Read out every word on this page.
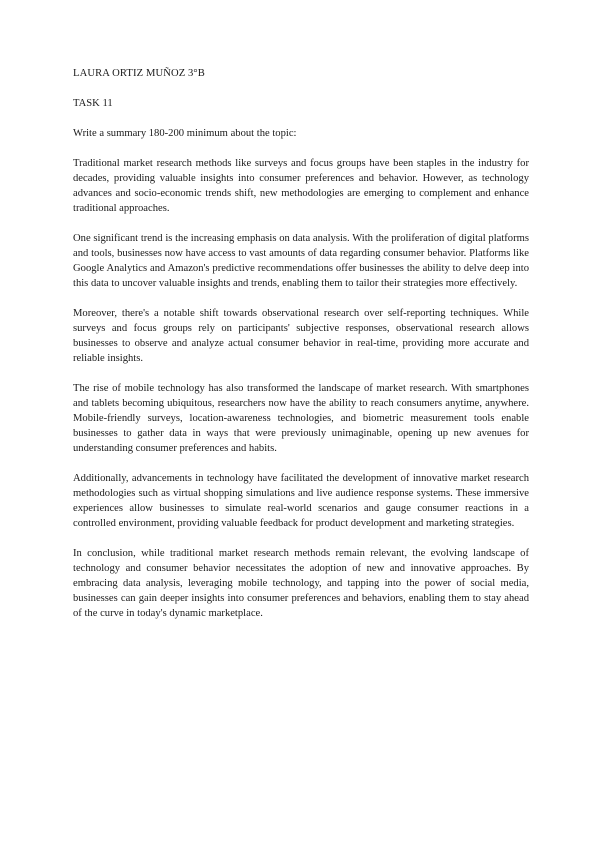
LAURA ORTIZ MUÑOZ 3°B
TASK 11
Write a summary 180-200 minimum about the topic:

Traditional market research methods like surveys and focus groups have been staples in the industry for decades, providing valuable insights into consumer preferences and behavior. However, as technology advances and socio-economic trends shift, new methodologies are emerging to complement and enhance traditional approaches.

One significant trend is the increasing emphasis on data analysis. With the proliferation of digital platforms and tools, businesses now have access to vast amounts of data regarding consumer behavior. Platforms like Google Analytics and Amazon's predictive recommendations offer businesses the ability to delve deep into this data to uncover valuable insights and trends, enabling them to tailor their strategies more effectively.

Moreover, there's a notable shift towards observational research over self-reporting techniques. While surveys and focus groups rely on participants' subjective responses, observational research allows businesses to observe and analyze actual consumer behavior in real-time, providing more accurate and reliable insights.

The rise of mobile technology has also transformed the landscape of market research. With smartphones and tablets becoming ubiquitous, researchers now have the ability to reach consumers anytime, anywhere. Mobile-friendly surveys, location-awareness technologies, and biometric measurement tools enable businesses to gather data in ways that were previously unimaginable, opening up new avenues for understanding consumer preferences and habits.

Additionally, advancements in technology have facilitated the development of innovative market research methodologies such as virtual shopping simulations and live audience response systems. These immersive experiences allow businesses to simulate real-world scenarios and gauge consumer reactions in a controlled environment, providing valuable feedback for product development and marketing strategies.

In conclusion, while traditional market research methods remain relevant, the evolving landscape of technology and consumer behavior necessitates the adoption of new and innovative approaches. By embracing data analysis, leveraging mobile technology, and tapping into the power of social media, businesses can gain deeper insights into consumer preferences and behaviors, enabling them to stay ahead of the curve in today's dynamic marketplace.
